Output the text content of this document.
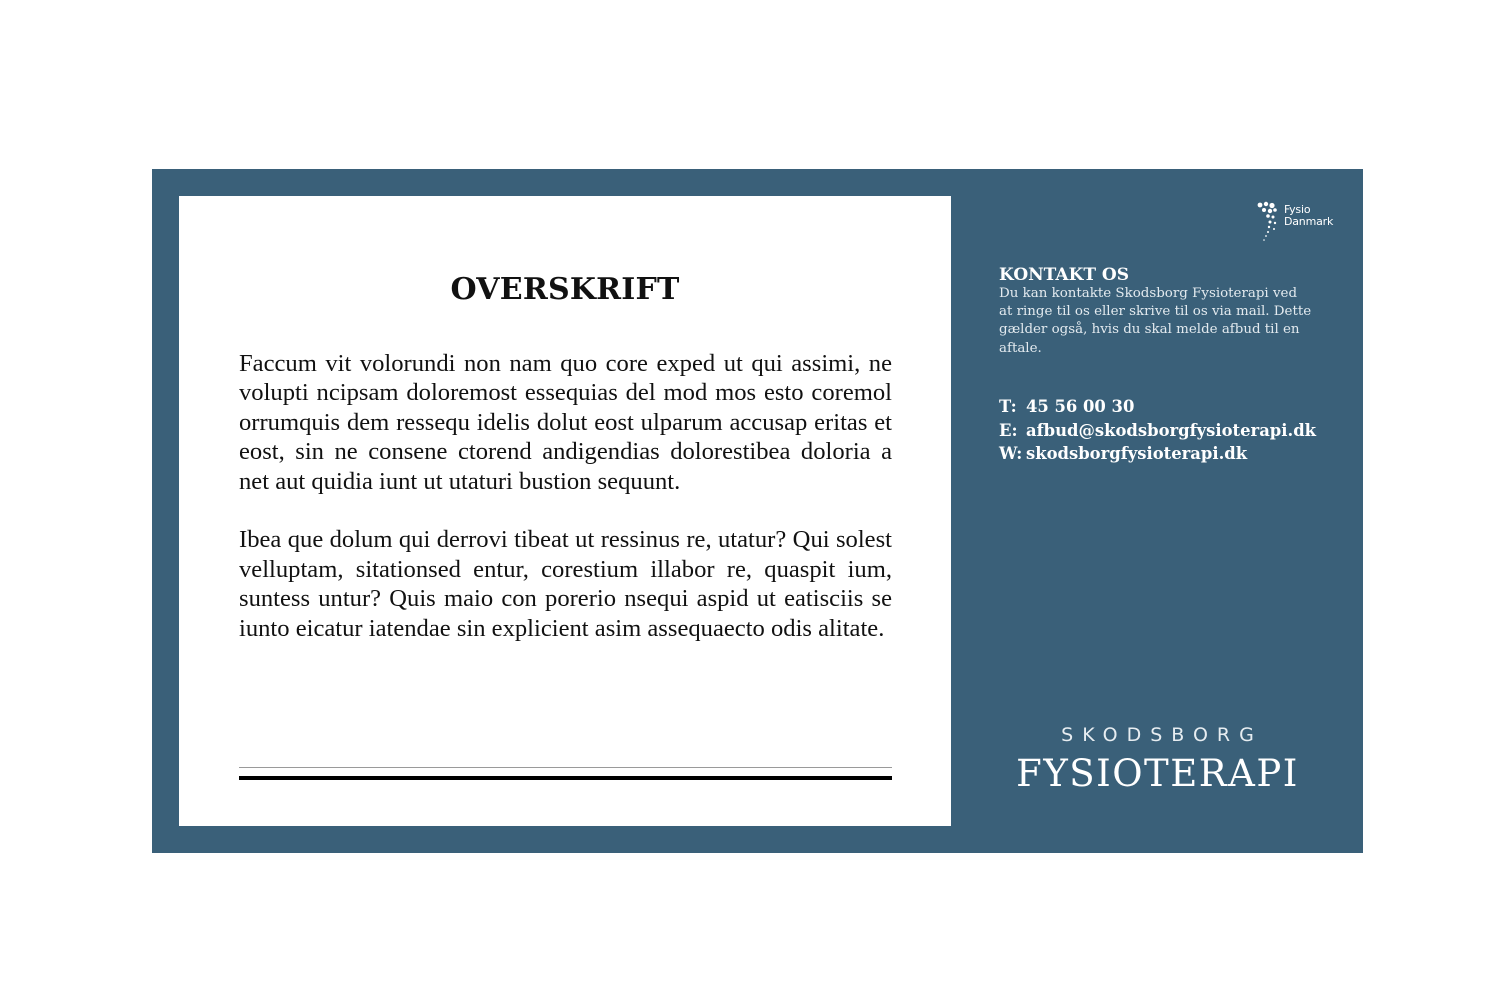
OVERSKRIFT

Faccum vit volorundi non nam quo core exped ut qui assimi, ne volupti ncipsam doloremost essequias del mod mos esto coremol orrumquis dem ressequ idelis dolut eost ulparum accusap eritas et eost, sin ne consene ctorend andigendias dolorestibea doloria a net aut quidia iunt ut utaturi bustion sequunt.

Ibea que dolum qui derrovi tibeat ut ressinus re, utatur? Qui solest velluptam, sitationsed entur, corestium illabor re, quaspit ium, suntess untur? Quis maio con porerio nsequi aspid ut eatisciis se iunto eicatur iatendae sin explicient asim assequaecto odis alitate.

Fysio
Danmark
KONTAKT OS

Du kan kontakte Skodsborg Fysioterapi ved at ringe til os eller skrive til os via mail. Dette gælder også, hvis du skal melde afbud til en aftale.

T: 45 56 00 30
E: afbud@skodsborgfysioterapi.dk
W: skodsborgfysioterapi.dk
SKODSBORG
FYSIOTERAPI
